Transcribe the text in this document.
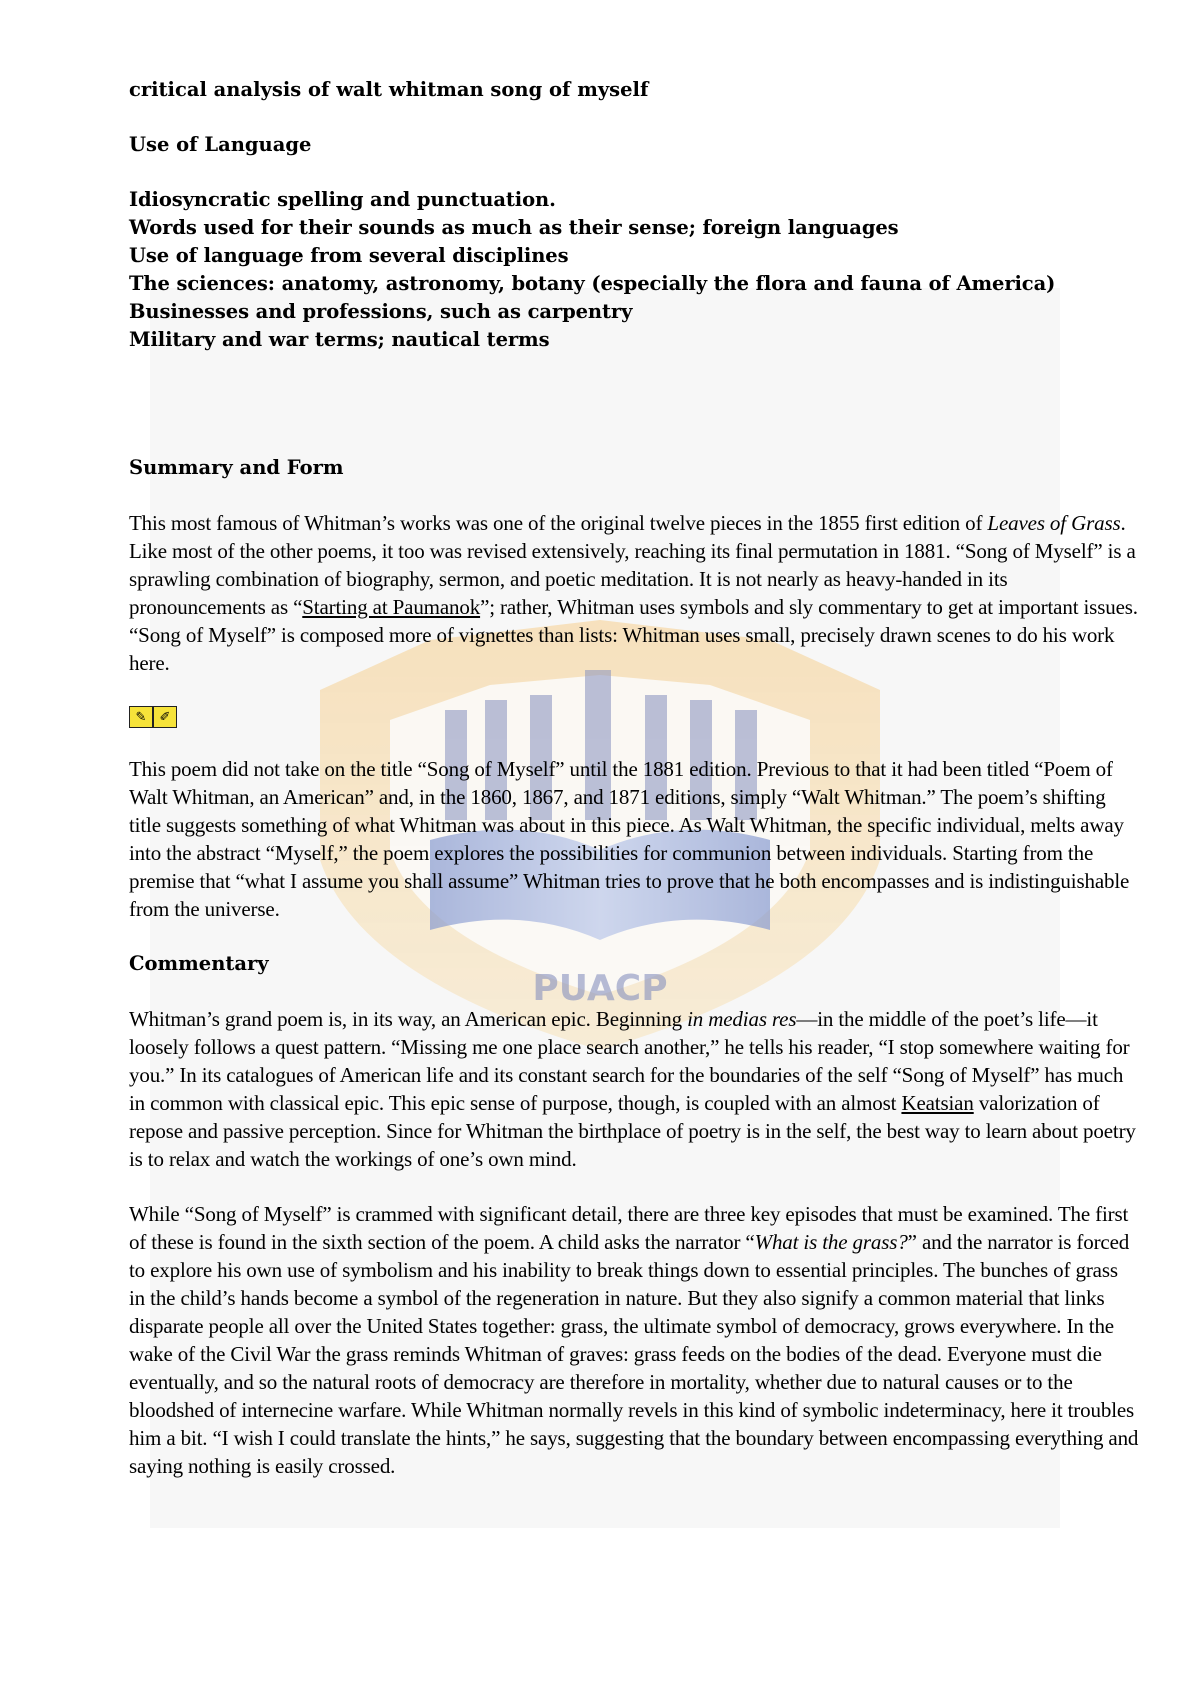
PUACP

critical analysis of walt whitman song of myself

Use of Language

Idiosyncratic spelling and punctuation.

Words used for their sounds as much as their sense; foreign languages

Use of language from several disciplines

The sciences: anatomy, astronomy, botany (especially the flora and fauna of America)

Businesses and professions, such as carpentry

Military and war terms; nautical terms

Summary and Form

This most famous of Whitman’s works was one of the original twelve pieces in the 1855 first edition of Leaves of Grass. Like most of the other poems, it too was revised extensively, reaching its final permutation in 1881. “Song of Myself” is a sprawling combination of biography, sermon, and poetic meditation. It is not nearly as heavy-handed in its pronouncements as “Starting at Paumanok”; rather, Whitman uses symbols and sly commentary to get at important issues. “Song of Myself” is composed more of vignettes than lists: Whitman uses small, precisely drawn scenes to do his work here.

✎	✐

This poem did not take on the title “Song of Myself” until the 1881 edition. Previous to that it had been titled “Poem of Walt Whitman, an American” and, in the 1860, 1867, and 1871 editions, simply “Walt Whitman.” The poem’s shifting title suggests something of what Whitman was about in this piece. As Walt Whitman, the specific individual, melts away into the abstract “Myself,” the poem explores the possibilities for communion between individuals. Starting from the premise that “what I assume you shall assume” Whitman tries to prove that he both encompasses and is indistinguishable from the universe.

Commentary

Whitman’s grand poem is, in its way, an American epic. Beginning in medias res—in the middle of the poet’s life—it loosely follows a quest pattern. “Missing me one place search another,” he tells his reader, “I stop somewhere waiting for you.” In its catalogues of American life and its constant search for the boundaries of the self “Song of Myself” has much in common with classical epic. This epic sense of purpose, though, is coupled with an almost Keatsian valorization of repose and passive perception. Since for Whitman the birthplace of poetry is in the self, the best way to learn about poetry is to relax and watch the workings of one’s own mind.

While “Song of Myself” is crammed with significant detail, there are three key episodes that must be examined. The first of these is found in the sixth section of the poem. A child asks the narrator “What is the grass?” and the narrator is forced to explore his own use of symbolism and his inability to break things down to essential principles. The bunches of grass in the child’s hands become a symbol of the regeneration in nature. But they also signify a common material that links disparate people all over the United States together: grass, the ultimate symbol of democracy, grows everywhere. In the wake of the Civil War the grass reminds Whitman of graves: grass feeds on the bodies of the dead. Everyone must die eventually, and so the natural roots of democracy are therefore in mortality, whether due to natural causes or to the bloodshed of internecine warfare. While Whitman normally revels in this kind of symbolic indeterminacy, here it troubles him a bit. “I wish I could translate the hints,” he says, suggesting that the boundary between encompassing everything and saying nothing is easily crossed.
